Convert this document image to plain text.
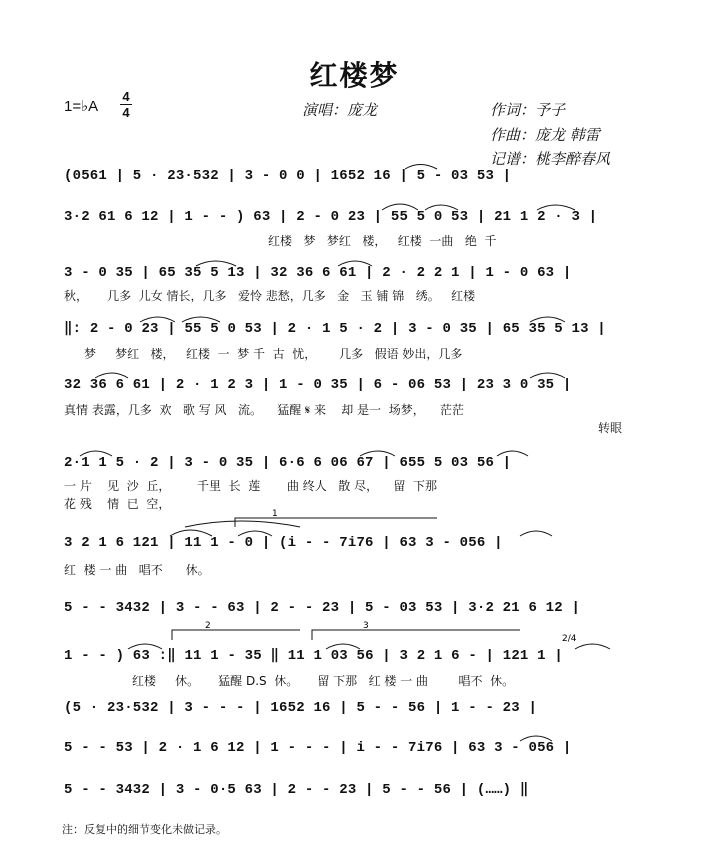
红楼梦
1=♭A
4
4	演唱：庞龙	作词：予子
作曲：庞龙 韩雷
记谱：桃李醉春风
(0561 | 5 · 23·532 | 3 - 0 0 | 1652 16 | 5 - 03 53 |
3·2 61 6 12 | 1 - - ) 63 | 2 - 0 23 | 55 5 0 53 | 21 1 2 · 3 |
3 - 0 35 | 65 35 5 13 | 32 36 6 61 | 2 · 2 2 1 | 1 - 0 63 |
‖: 2 - 0 23 | 55 5 0 53 | 2 · 1 5 · 2 | 3 - 0 35 | 65 35 5 13 |
32 36 6 61 | 2 · 1 2 3 | 1 - 0 35 | 6 - 06 53 | 23 3 0 35 |
2·1 1 5 · 2 | 3 - 0 35 | 6·6 6 06 67 | 655 5 03 56 |
3 2 1 6 121 | 11 1 - 0 | (i - - 7i76 | 63 3 - 056 |
5 - - 3432 | 3 - - 63 | 2 - - 23 | 5 - 03 53 | 3·2 21 6 12 |
1 - - ) 63 :‖ 11 1 - 35 ‖ 11 1 03 56 | 3 2 1 6 - | 121 1 |
(5 · 23·532 | 3 - - - | 1652 16 | 5 - - 56 | 1 - - 23 |
5 - - 53 | 2 · 1 6 12 | 1 - - - | i - - 7i76 | 63 3 - 056 |
5 - - 3432 | 3 - 0·5 63 | 2 - - 23 | 5 - - 56 | (……) ‖
红楼   梦   梦红   楼，   红楼  一曲   绝  千
秋，     几多  儿女 情长，几多   爱怜 悲愁，几多   金   玉 铺 锦   绣。   红楼
梦     梦红   楼，   红楼  一  梦 千  古  忧，      几多   假语 妙出，几多
真情 表露，几多  欢   歌 写 风   流。    猛醒 𝄋 来    却 是一  场梦，    茫茫
转眼
一 片    见  沙  丘，       千里  长  莲       曲 终人   散 尽，    留  下那
花 残    情  已  空，
红  楼 一 曲   唱不      休。
红楼     休。     猛醒 D.S  休。     留 下那   红 楼 一 曲        唱不  休。
1
2	3
2/4
注：反复中的细节变化未做记录。
